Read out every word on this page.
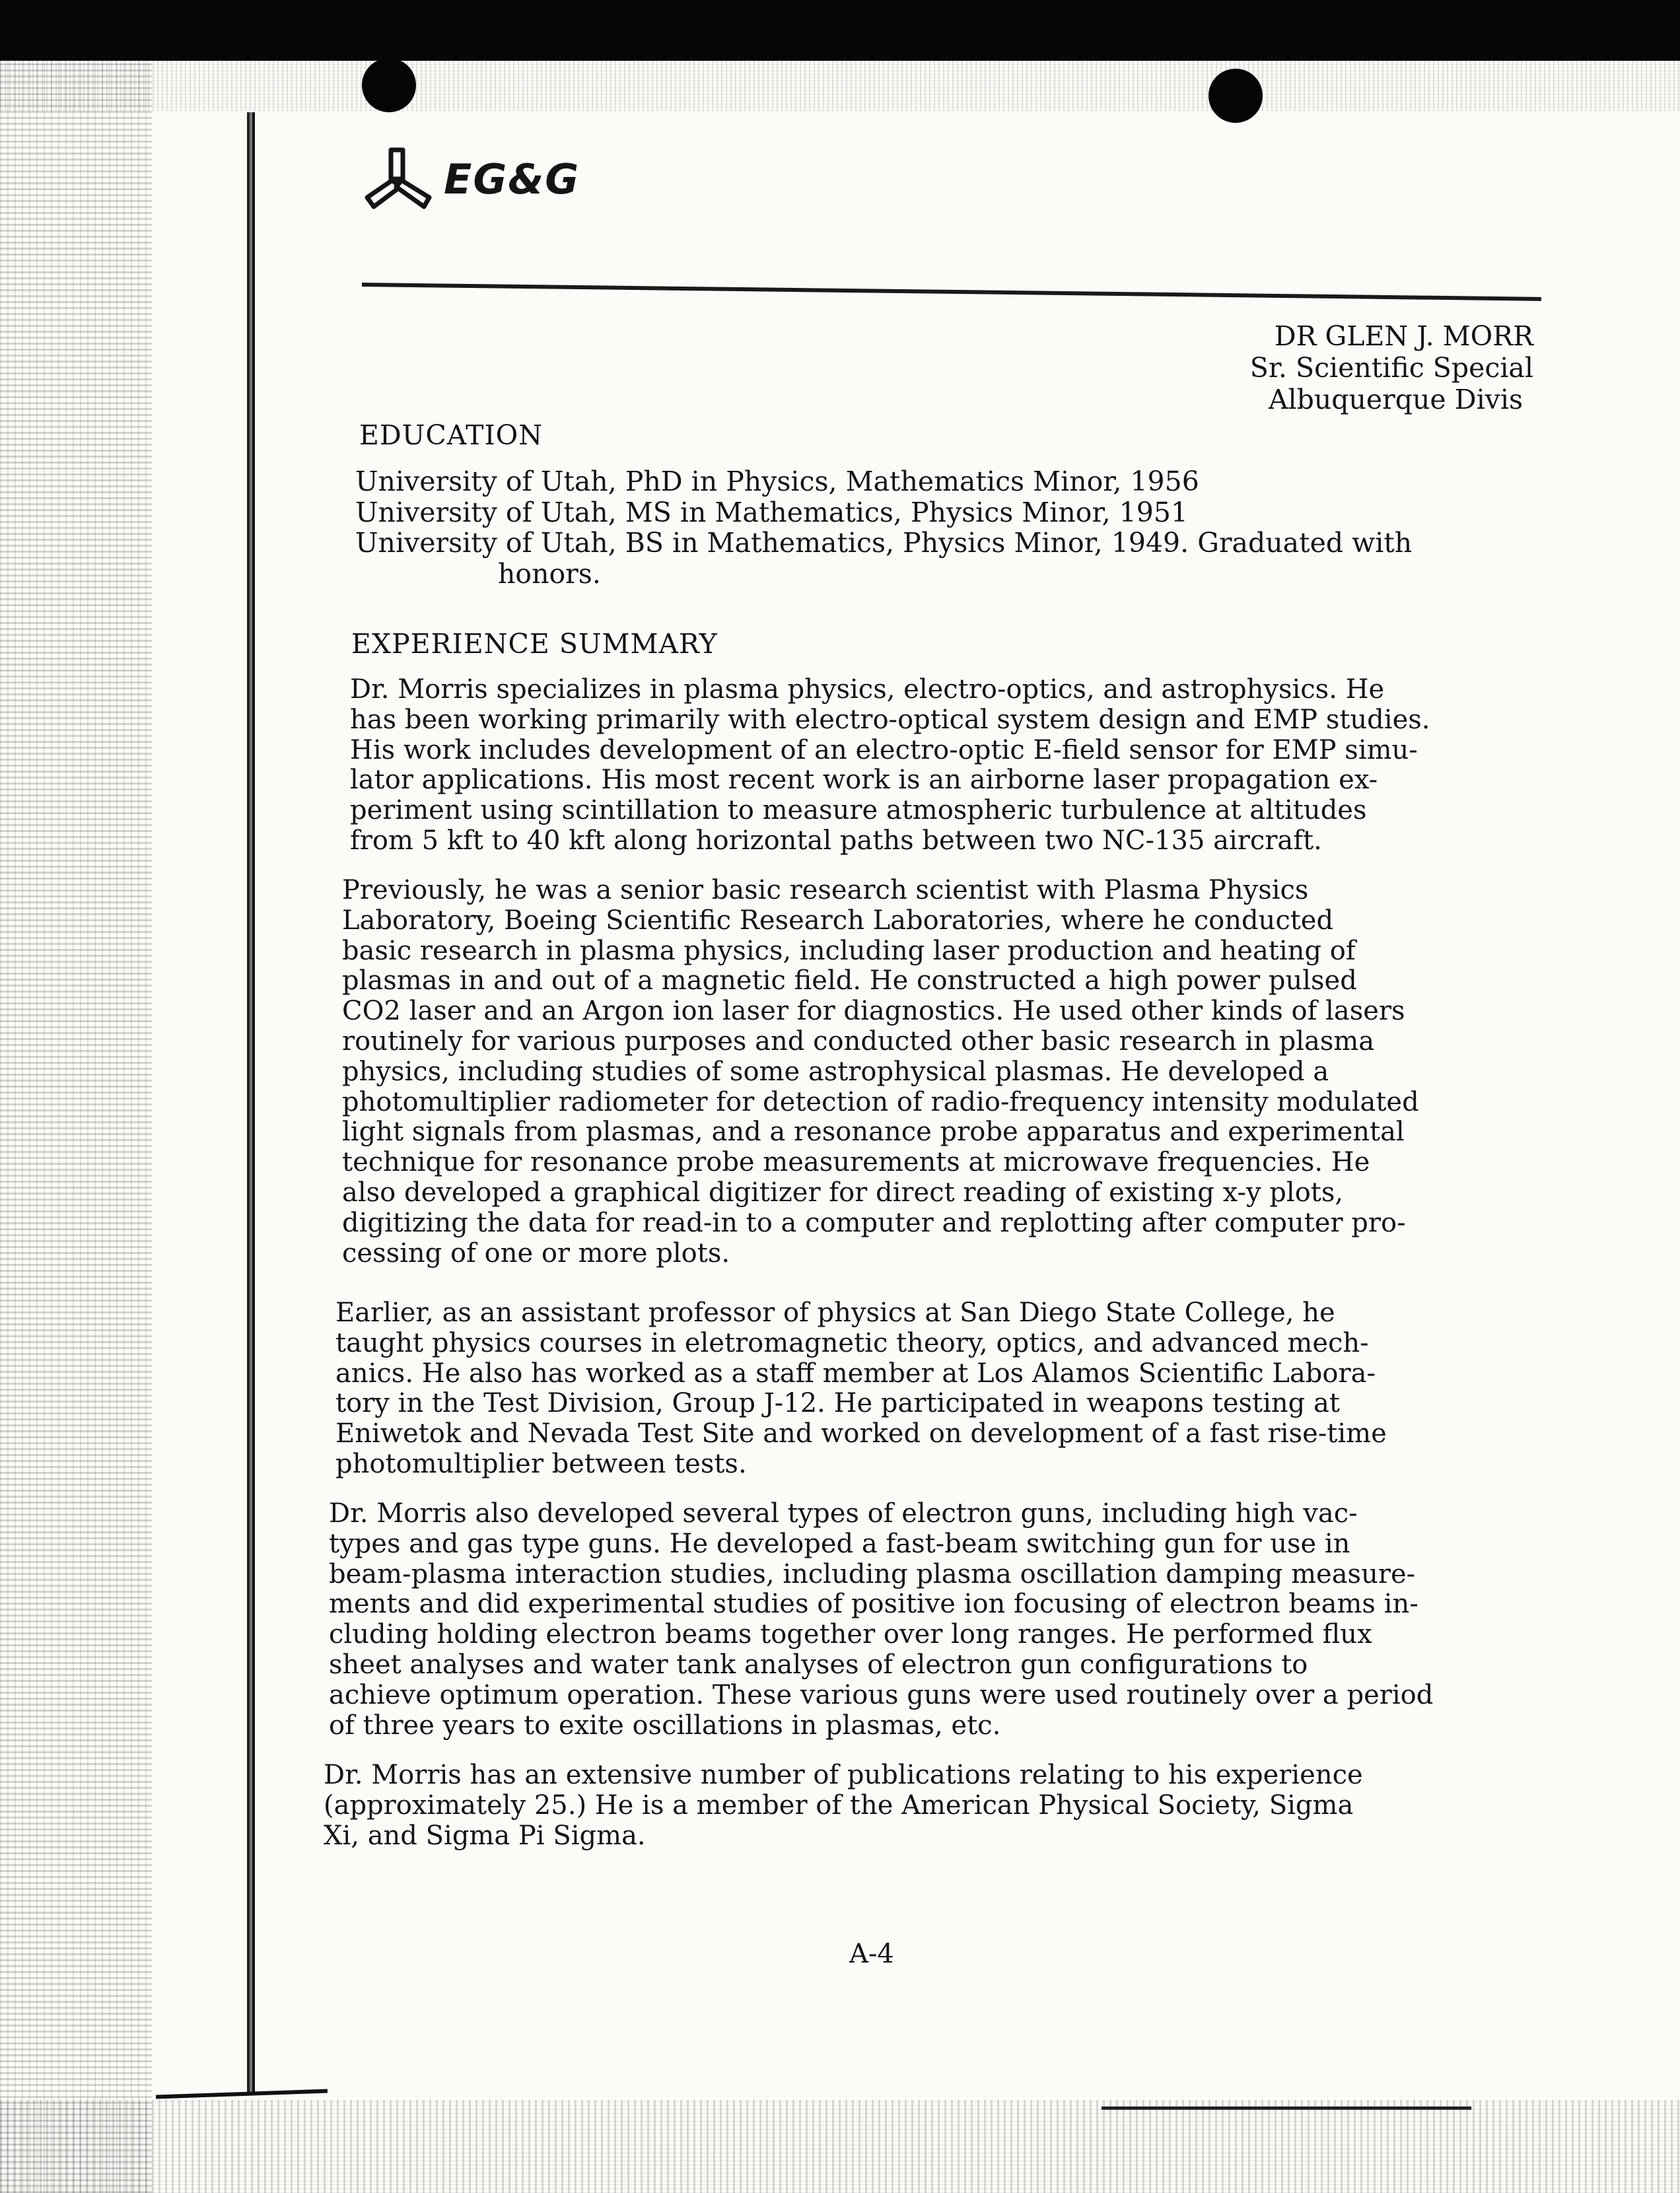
EG&G
DR GLEN J. MORR
Sr. Scientific Special
Albuquerque Divis
EDUCATION
University of Utah, PhD in Physics, Mathematics Minor, 1956
University of Utah, MS in Mathematics, Physics Minor, 1951
University of Utah, BS in Mathematics, Physics Minor, 1949. Graduated with
honors.
EXPERIENCE SUMMARY
Dr. Morris specializes in plasma physics, electro-optics, and astrophysics. He
has been working primarily with electro-optical system design and EMP studies.
His work includes development of an electro-optic E-field sensor for EMP simu-
lator applications. His most recent work is an airborne laser propagation ex-
periment using scintillation to measure atmospheric turbulence at altitudes
from 5 kft to 40 kft along horizontal paths between two NC-135 aircraft.
Previously, he was a senior basic research scientist with Plasma Physics
Laboratory, Boeing Scientific Research Laboratories, where he conducted
basic research in plasma physics, including laser production and heating of
plasmas in and out of a magnetic field. He constructed a high power pulsed
CO2 laser and an Argon ion laser for diagnostics. He used other kinds of lasers
routinely for various purposes and conducted other basic research in plasma
physics, including studies of some astrophysical plasmas. He developed a
photomultiplier radiometer for detection of radio-frequency intensity modulated
light signals from plasmas, and a resonance probe apparatus and experimental
technique for resonance probe measurements at microwave frequencies. He
also developed a graphical digitizer for direct reading of existing x-y plots,
digitizing the data for read-in to a computer and replotting after computer pro-
cessing of one or more plots.
Earlier, as an assistant professor of physics at San Diego State College, he
taught physics courses in eletromagnetic theory, optics, and advanced mech-
anics. He also has worked as a staff member at Los Alamos Scientific Labora-
tory in the Test Division, Group J-12. He participated in weapons testing at
Eniwetok and Nevada Test Site and worked on development of a fast rise-time
photomultiplier between tests.
Dr. Morris also developed several types of electron guns, including high vac-
types and gas type guns. He developed a fast-beam switching gun for use in
beam-plasma interaction studies, including plasma oscillation damping measure-
ments and did experimental studies of positive ion focusing of electron beams in-
cluding holding electron beams together over long ranges. He performed flux
sheet analyses and water tank analyses of electron gun configurations to
achieve optimum operation. These various guns were used routinely over a period
of three years to exite oscillations in plasmas, etc.
Dr. Morris has an extensive number of publications relating to his experience
(approximately 25.) He is a member of the American Physical Society, Sigma
Xi, and Sigma Pi Sigma.
A-4
